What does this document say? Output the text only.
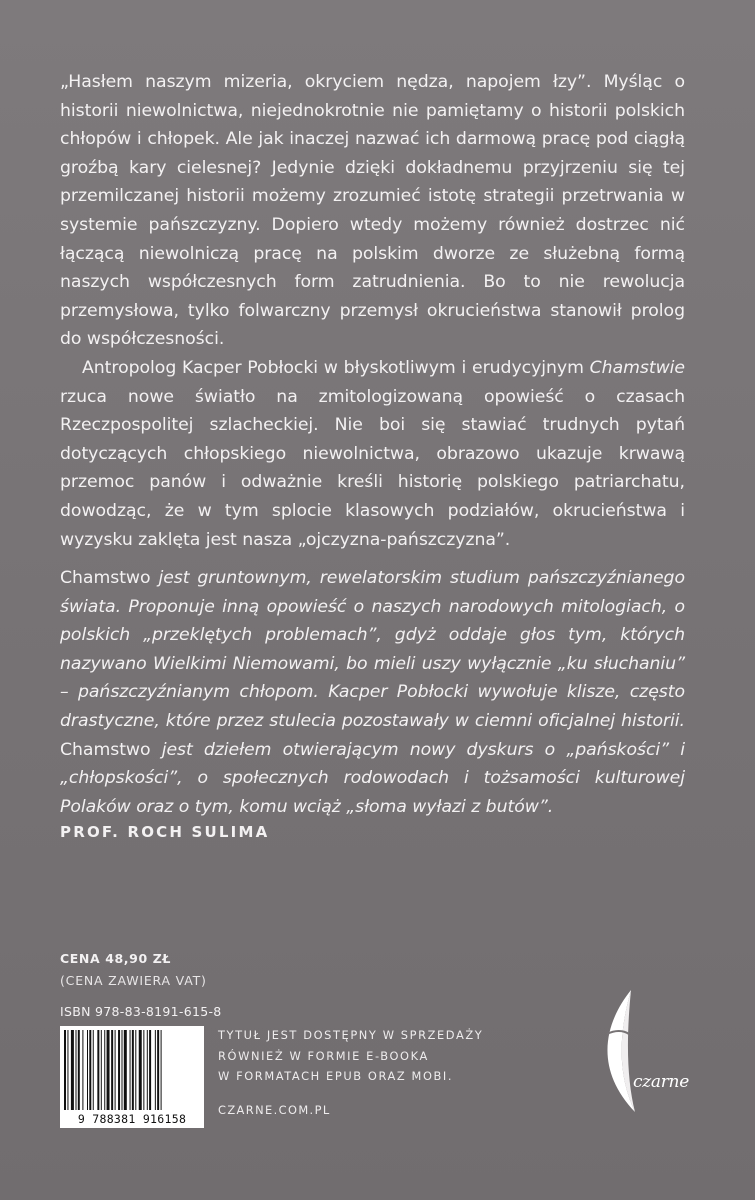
„Hasłem naszym mizeria, okryciem nędza, napojem łzy”. Myśląc o historii niewolnictwa, niejednokrotnie nie pamiętamy o historii polskich chłopów i chłopek. Ale jak inaczej nazwać ich darmową pracę pod ciągłą groźbą kary cielesnej? Jedynie dzięki dokładnemu przyjrzeniu się tej przemilczanej historii możemy zrozumieć istotę strategii przetrwania w systemie pańszczyzny. Dopiero wtedy możemy również dostrzec nić łączącą niewolniczą pracę na polskim dworze ze służebną formą naszych współczesnych form zatrudnienia. Bo to nie rewolucja przemysłowa, tylko folwarczny przemysł okrucieństwa stanowił prolog do współczesności.

Antropolog Kacper Pobłocki w błyskotliwym i erudycyjnym Chamstwie rzuca nowe światło na zmitologizowaną opowieść o czasach Rzeczpospolitej szlacheckiej. Nie boi się stawiać trudnych pytań dotyczących chłopskiego niewolnictwa, obrazowo ukazuje krwawą przemoc panów i odważnie kreśli historię polskiego patriarchatu, dowodząc, że w tym splocie klasowych podziałów, okrucieństwa i wyzysku zaklęta jest nasza „ojczyzna-pańszczyzna”.

Chamstwo jest gruntownym, rewelatorskim studium pańszczyźnianego świata. Proponuje inną opowieść o naszych narodowych mitologiach, o polskich „przeklętych problemach”, gdyż oddaje głos tym, których nazywano Wielkimi Niemowami, bo mieli uszy wyłącznie „ku słuchaniu” – pańszczyźnianym chłopom. Kacper Pobłocki wywołuje klisze, często drastyczne, które przez stulecia pozostawały w ciemni oficjalnej historii. Chamstwo jest dziełem otwierającym nowy dyskurs o „pańskości” i „chłopskości”, o społecznych rodowodach i tożsamości kulturowej Polaków oraz o tym, komu wciąż „słoma wyłazi z butów”.

PROF. ROCH SULIMA
CENA 48,90 ZŁ
(CENA ZAWIERA VAT)
ISBN 978-83-8191-615-8
9 788381 916158
TYTUŁ JEST DOSTĘPNY W SPRZEDAŻY
RÓWNIEŻ W FORMIE E-BOOKA
W FORMATACH EPUB ORAZ MOBI.
CZARNE.COM.PL
czarne
